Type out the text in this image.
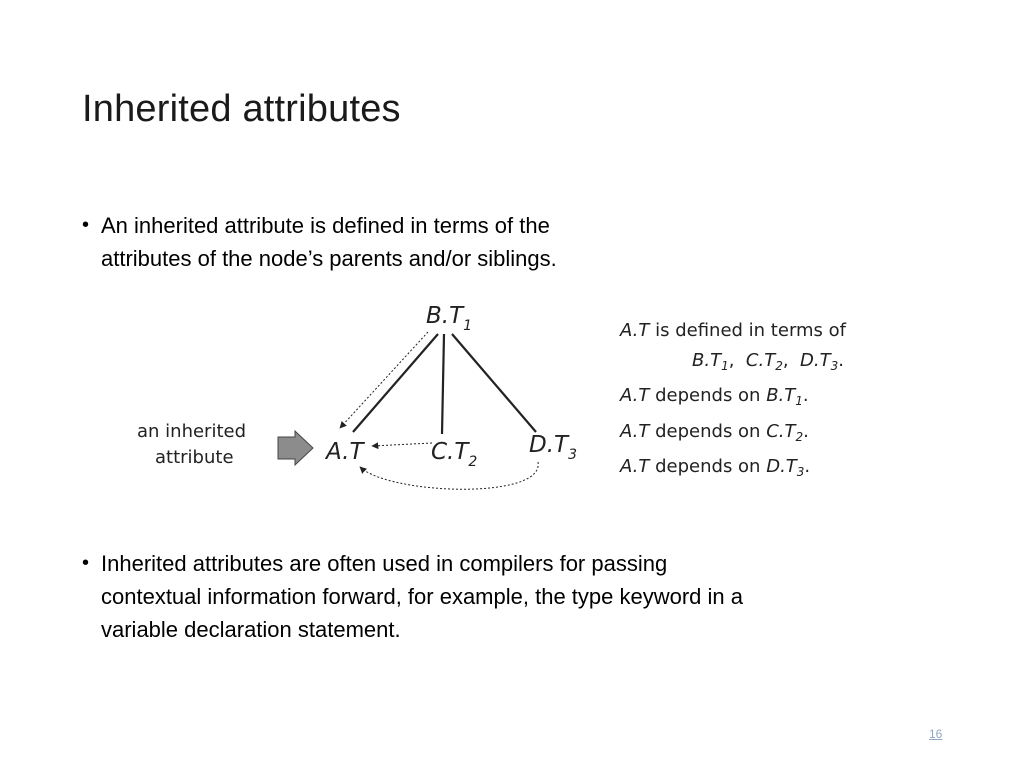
Inherited attributes
• An inherited attribute is defined in terms of the
attributes of the node’s parents and/or siblings.
$B.T_1$
A.T	$C.T_2$
$D.T_3$
an inherited
attribute
A.T is defined in terms of
$B.T_1$, $C.T_2$, $D.T_3$.
A.T depends on $B.T_1$.
A.T depends on $C.T_2$.
A.T depends on $D.T_3$.
• Inherited attributes are often used in compilers for passing
contextual information forward, for example, the type keyword in a
variable declaration statement.
16
